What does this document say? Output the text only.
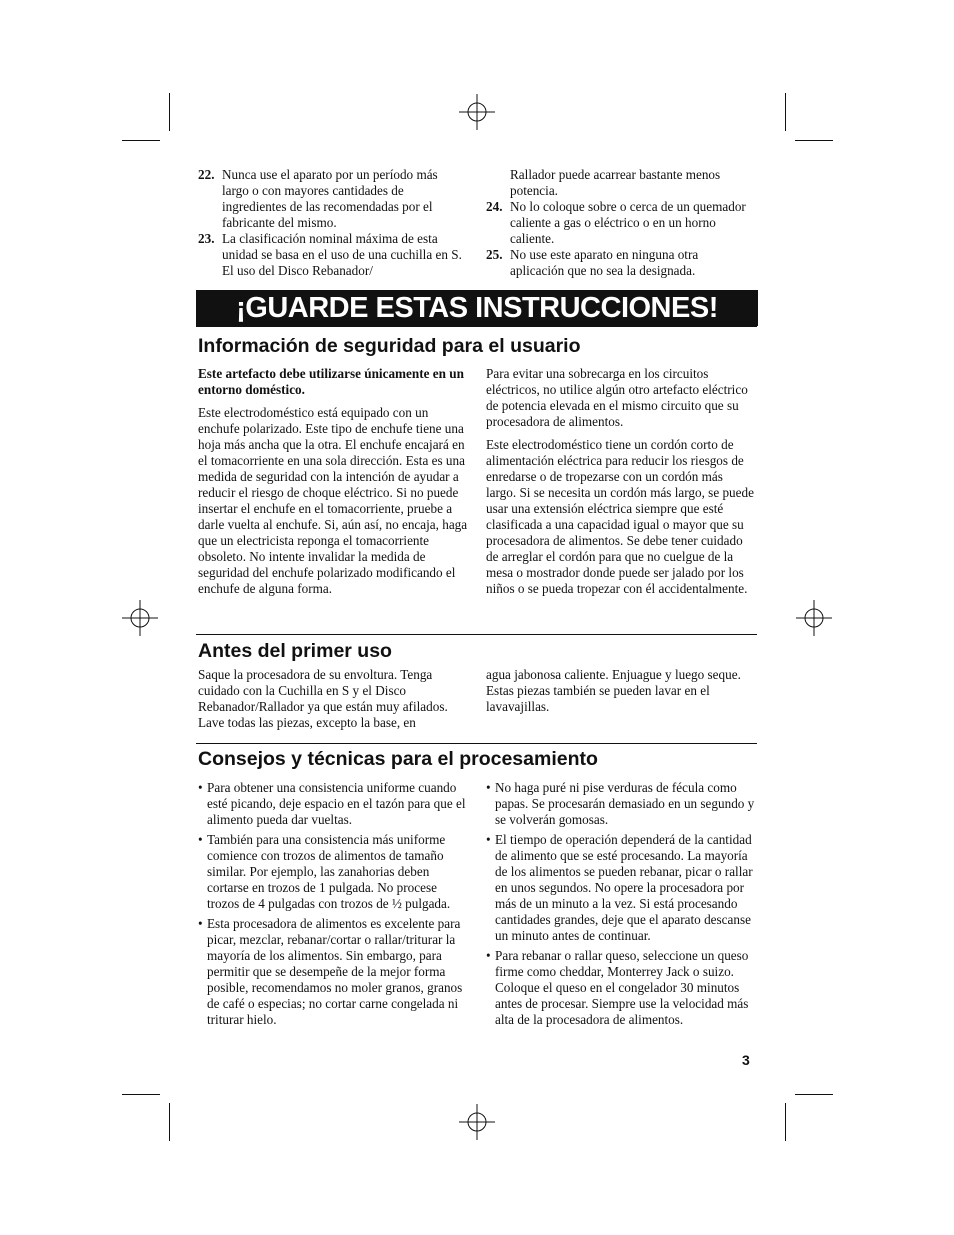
22. Nunca use el aparato por un período más largo o con mayores cantidades de ingredientes de las recomendadas por el fabricante del mismo.
23. La clasificación nominal máxima de esta unidad se basa en el uso de una cuchilla en S. El uso del Disco Rebanador/
Rallador puede acarrear bastante menos potencia.
24. No lo coloque sobre o cerca de un quemador caliente a gas o eléctrico o en un horno caliente.
25. No use este aparato en ninguna otra aplicación que no sea la designada.
¡GUARDE ESTAS INSTRUCCIONES!
Información de seguridad para el usuario

Este artefacto debe utilizarse únicamente en un entorno doméstico.

Este electrodoméstico está equipado con un enchufe polarizado. Este tipo de enchufe tiene una hoja más ancha que la otra. El enchufe encajará en el tomacorriente en una sola dirección. Esta es una medida de seguridad con la intención de ayudar a reducir el riesgo de choque eléctrico. Si no puede insertar el enchufe en el tomacorriente, pruebe a darle vuelta al enchufe. Si, aún así, no encaja, haga que un electricista reponga el tomacorriente obsoleto. No intente invalidar la medida de seguridad del enchufe polarizado modificando el enchufe de alguna forma.

Para evitar una sobrecarga en los circuitos eléctricos, no utilice algún otro artefacto eléctrico de potencia elevada en el mismo circuito que su procesadora de alimentos.

Este electrodoméstico tiene un cordón corto de alimentación eléctrica para reducir los riesgos de enredarse o de tropezarse con un cordón más largo. Si se necesita un cordón más largo, se puede usar una extensión eléctrica siempre que esté clasificada a una capacidad igual o mayor que su procesadora de alimentos. Se debe tener cuidado de arreglar el cordón para que no cuelgue de la mesa o mostrador donde puede ser jalado por los niños o se pueda tropezar con él accidentalmente.

Antes del primer uso

Saque la procesadora de su envoltura. Tenga cuidado con la Cuchilla en S y el Disco Rebanador/Rallador ya que están muy afilados. Lave todas las piezas, excepto la base, en

agua jabonosa caliente. Enjuague y luego seque. Estas piezas también se pueden lavar en el lavavajillas.

Consejos y técnicas para el procesamiento
• Para obtener una consistencia uniforme cuando esté picando, deje espacio en el tazón para que el alimento pueda dar vueltas.
• También para una consistencia más uniforme comience con trozos de alimentos de tamaño similar. Por ejemplo, las zanahorias deben cortarse en trozos de 1 pulgada. No procese trozos de 4 pulgadas con trozos de ½ pulgada.
• Esta procesadora de alimentos es excelente para picar, mezclar, rebanar/cortar o rallar/triturar la mayoría de los alimentos. Sin embargo, para permitir que se desempeñe de la mejor forma posible, recomendamos no moler granos, granos de café o especias; no cortar carne congelada ni triturar hielo.
• No haga puré ni pise verduras de fécula como papas. Se procesarán demasiado en un segundo y se volverán gomosas.
• El tiempo de operación dependerá de la cantidad de alimento que se esté procesando. La mayoría de los alimentos se pueden rebanar, picar o rallar en unos segundos. No opere la procesadora por más de un minuto a la vez. Si está procesando cantidades grandes, deje que el aparato descanse un minuto antes de continuar.
• Para rebanar o rallar queso, seleccione un queso firme como cheddar, Monterrey Jack o suizo. Coloque el queso en el congelador 30 minutos antes de procesar. Siempre use la velocidad más alta de la procesadora de alimentos.
3
